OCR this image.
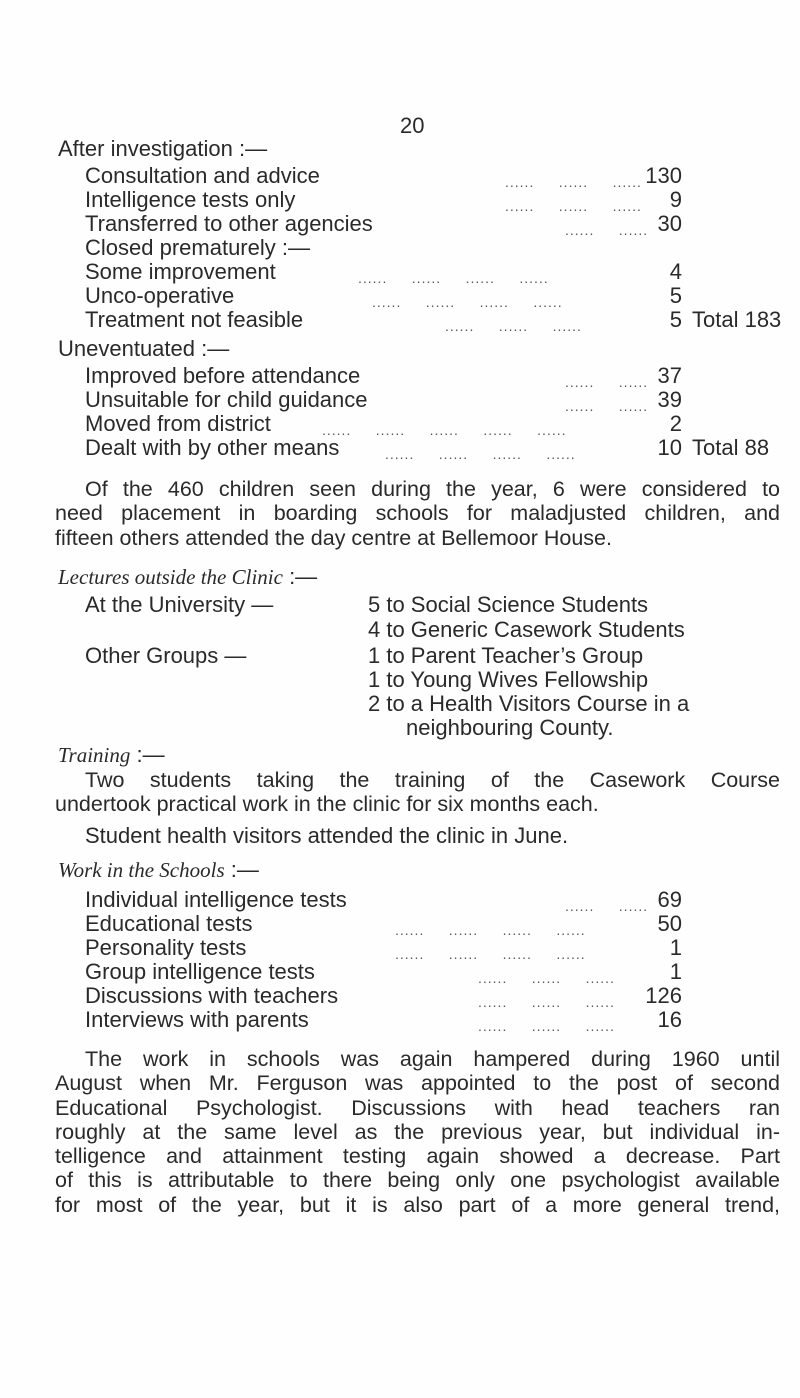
20
After investigation :—
Consultation and advice	......     ......     ...... 130
Intelligence tests only	......     ......     ......	9
Transferred to other agencies	......     ...... 30
Closed prematurely :—
Some improvement	......     ......     ......     ......	4
Unco-operative	......     ......     ......     ......	5
Treatment not feasible	......     ......     ......	5 Total 183
Uneventuated :—
Improved before attendance	......     ...... 37
Unsuitable for child guidance	......     ...... 39
Moved from district	......     ......     ......     ......     ......	2
Dealt with by other means	......     ......     ......     ......	10 Total 88
Of the 460 children seen during the year, 6 were considered to
need placement in boarding schools for maladjusted children, and
fifteen others attended the day centre at Bellemoor House.
Lectures outside the Clinic :—
At the University —	5 to Social Science Students
4 to Generic Casework Students
Other Groups —	1 to Parent Teacher’s Group
1 to Young Wives Fellowship
2 to a Health Visitors Course in a
neighbouring County.
Training :—
Two students taking the training of the Casework Course
undertook practical work in the clinic for six months each.
Student health visitors attended the clinic in June.
Work in the Schools :—
Individual intelligence tests	......     ...... 69
Educational tests	......     ......     ......     ......	50
Personality tests	......     ......     ......     ......	1
Group intelligence tests	......     ......     ......	1
Discussions with teachers	......     ......     ...... 126
Interviews with parents	......     ......     ......	16
The work in schools was again hampered during 1960 until
August when Mr. Ferguson was appointed to the post of second
Educational Psychologist. Discussions with head teachers ran
roughly at the same level as the previous year, but individual in-
telligence and attainment testing again showed a decrease. Part
of this is attributable to there being only one psychologist available
for most of the year, but it is also part of a more general trend,
